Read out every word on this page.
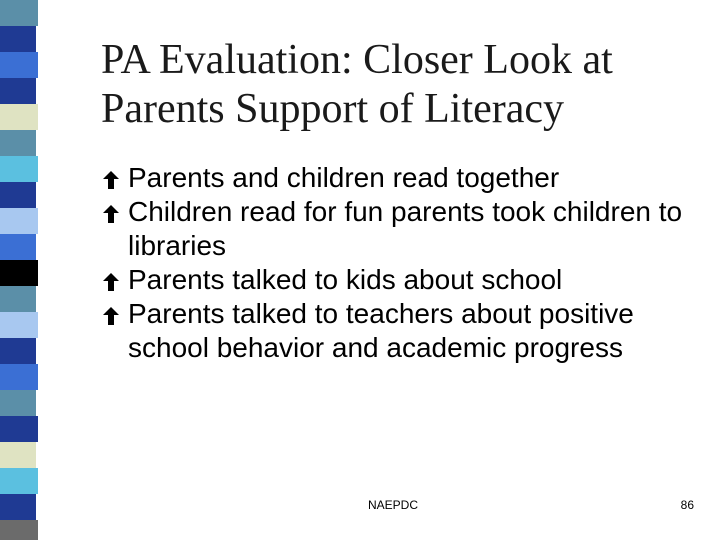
PA Evaluation: Closer Look at
Parents Support of Literacy
Parents and children read together
Children read for fun parents took children to libraries
Parents talked to kids about school
Parents talked to teachers about positive school behavior and academic progress
NAEPDC	86
